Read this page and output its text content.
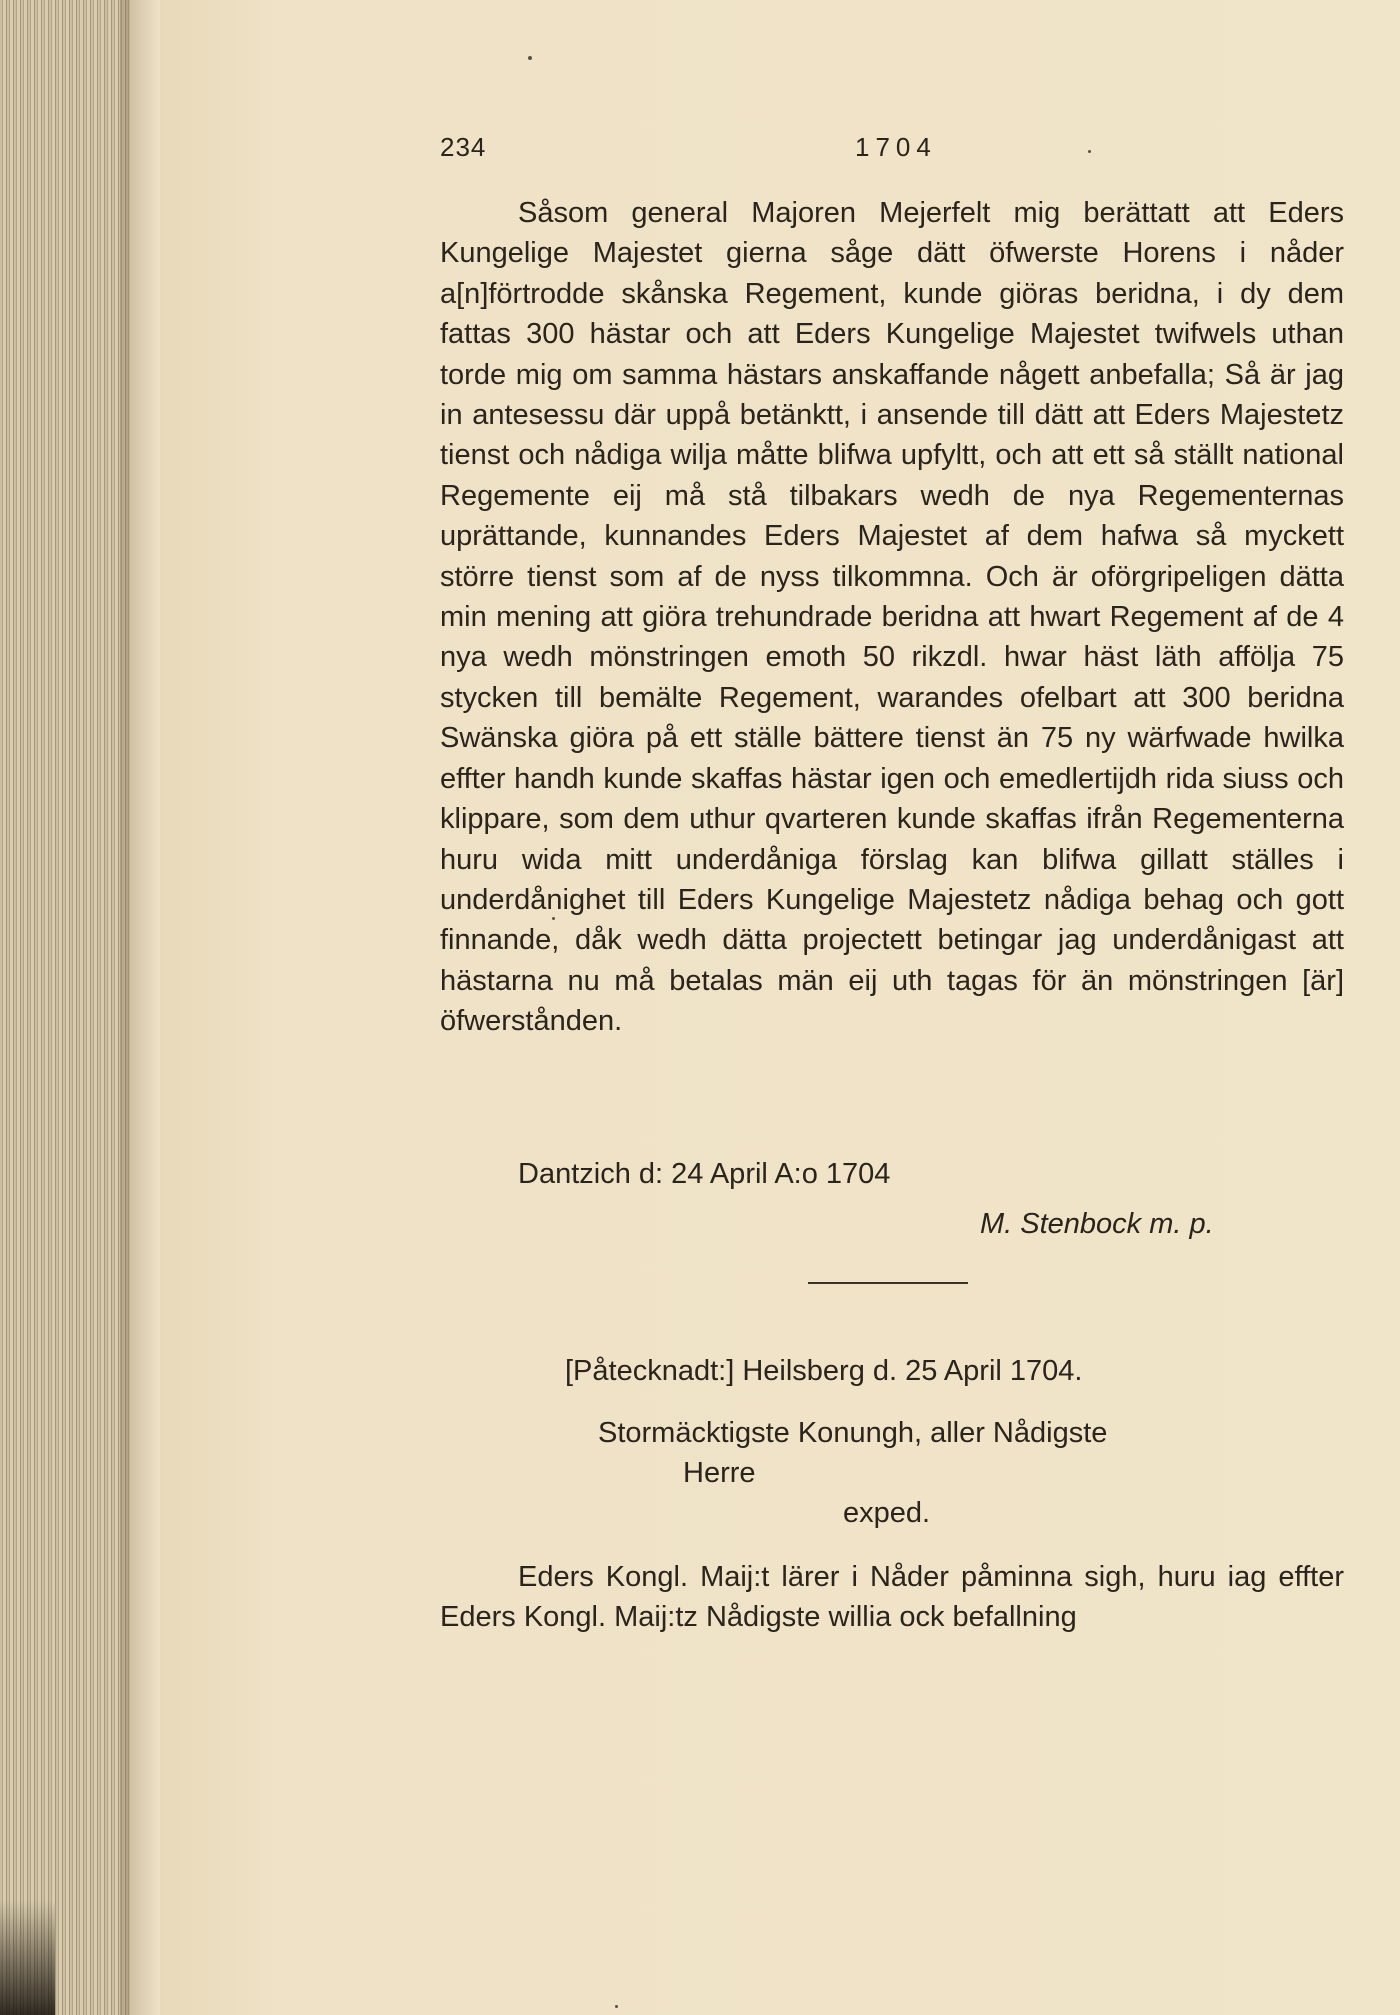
234	1704

Såsom general Majoren Mejerfelt mig berättatt att Eders Kungelige Majestet gierna såge dätt öfwerste Horens i nåder a[n]förtrodde skånska Regement, kunde giöras beridna, i dy dem fattas 300 hästar och att Eders Kungelige Majestet twifwels uthan torde mig om samma hästars anskaffande någett anbefalla; Så är jag in antesessu där uppå betänktt, i ansende till dätt att Eders Majestetz tienst och nådiga wilja måtte blifwa upfyltt, och att ett så ställt national Regemente eij må stå tilbakars wedh de nya Regementernas uprättande, kunnandes Eders Majestet af dem hafwa så myckett större tienst som af de nyss tilkommna. Och är oförgripeligen dätta min mening att giöra trehundrade beridna att hwart Regement af de 4 nya wedh mönstringen emoth 50 rikzdl. hwar häst läth afföljа 75 stycken till bemälte Regement, warandes ofelbart att 300 beridna Swänska giöra på ett ställe bättere tienst än 75 ny wärfwade hwilka effter handh kunde skaffas hästar igen och emedlertijdh rida siuss och klippare, som dem uthur qvarteren kunde skaffas ifrån Regementerna huru wida mitt underdåniga förslag kan blifwa gillatt ställes i underdånighet till Eders Kungelige Majestetz nådiga behag och gott finnande, dåk wedh dätta projectett betingar jag underdånigast att hästarna nu må betalas män eij uth tagas för än mönstringen [är] öfwerstånden.

Dantzich d: 24 April A:o 1704
M. Stenbock m. p.
[Påtecknadt:] Heilsberg d. 25 April 1704.
Stormäcktigste Konungh, aller Nådigste
Herre
exped.

Eders Kongl. Maij:t lärer i Nåder påminna sigh, huru iag effter Eders Kongl. Maij:tz Nådigste willia ock befallning
